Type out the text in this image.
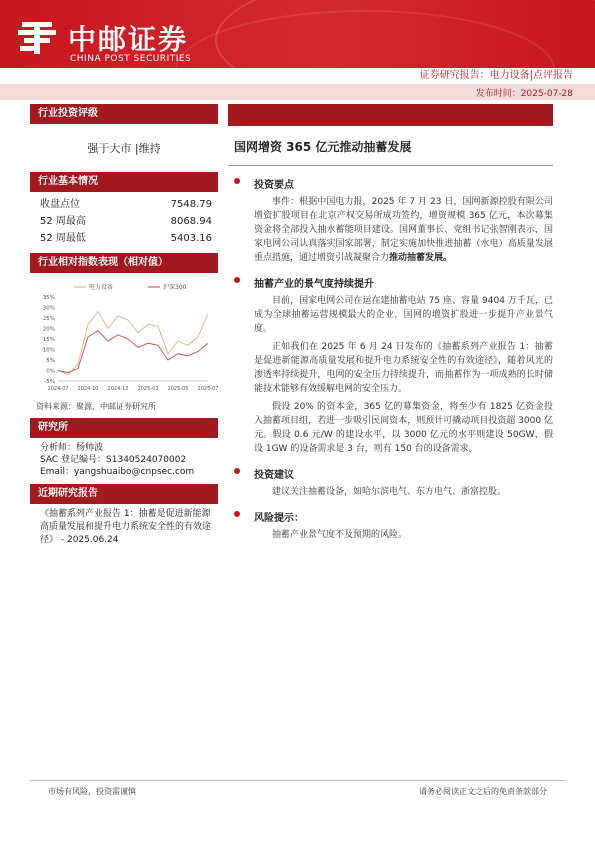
中邮证券
CHINA POST SECURITIES
证券研究报告：电力设备|点评报告
发布时间：2025-07-28
行业投资评级
强于大市 |维持
行业基本情况
收盘点位	7548.79
52 周最高	8068.94
52 周最低	5403.16
行业相对指数表现（相对值）
35%
30%
25%
20%
15%
10%
5%
0%
-5%
2024-07 2024-10 2024-12 2025-03 2025-05 2025-07
电力设备	沪深300
资料来源：聚源，中邮证券研究所
研究所
分析师：杨帅波
SAC 登记编号：S1340524070002
Email：yangshuaibo@cnpsec.com
近期研究报告
《抽蓄系列产业报告 1：抽蓄是促进新能源高质量发展和提升电力系统安全性的有效途径》 - 2025.06.24
国网增资 365 亿元推动抽蓄发展
投资要点
事件：根据中国电力报，2025 年 7 月 23 日，国网新源控股有限公司增资扩股项目在北京产权交易所成功签约，增资规模 365 亿元，本次募集资金将全部投入抽水蓄能项目建设。国网董事长、党组书记张智刚表示，国家电网公司认真落实国家部署，制定实施加快推进抽蓄（水电）高质量发展重点措施，通过增资引战凝聚合力推动抽蓄发展。
抽蓄产业的景气度持续提升
目前，国家电网公司在运在建抽蓄电站 75 座、容量 9404 万千瓦，已成为全球抽蓄运营规模最大的企业，国网的增资扩股进一步提升产业景气度。
正如我们在 2025 年 6 月 24 日发布的《抽蓄系列产业报告 1：抽蓄是促进新能源高质量发展和提升电力系统安全性的有效途径》，随着风光的渗透率持续提升，电网的安全压力持续提升，而抽蓄作为一项成熟的长时储能技术能够有效缓解电网的安全压力。
假设 20% 的资本金，365 亿的募集资金，将至少有 1825 亿资金投入抽蓄项目组，若进一步吸引民间资本，则预计可撬动项目投资超 3000 亿元。假设 0.6 元/W 的建设水平，以 3000 亿元的水平则建设 50GW，假设 1GW 的设备需求是 3 台，则有 150 台的设备需求。
投资建议
建议关注抽蓄设备，如哈尔滨电气、东方电气、浙富控股。
风险提示：
抽蓄产业景气度不及预期的风险。
市场有风险，投资需谨慎	请务必阅读正文之后的免责条款部分
